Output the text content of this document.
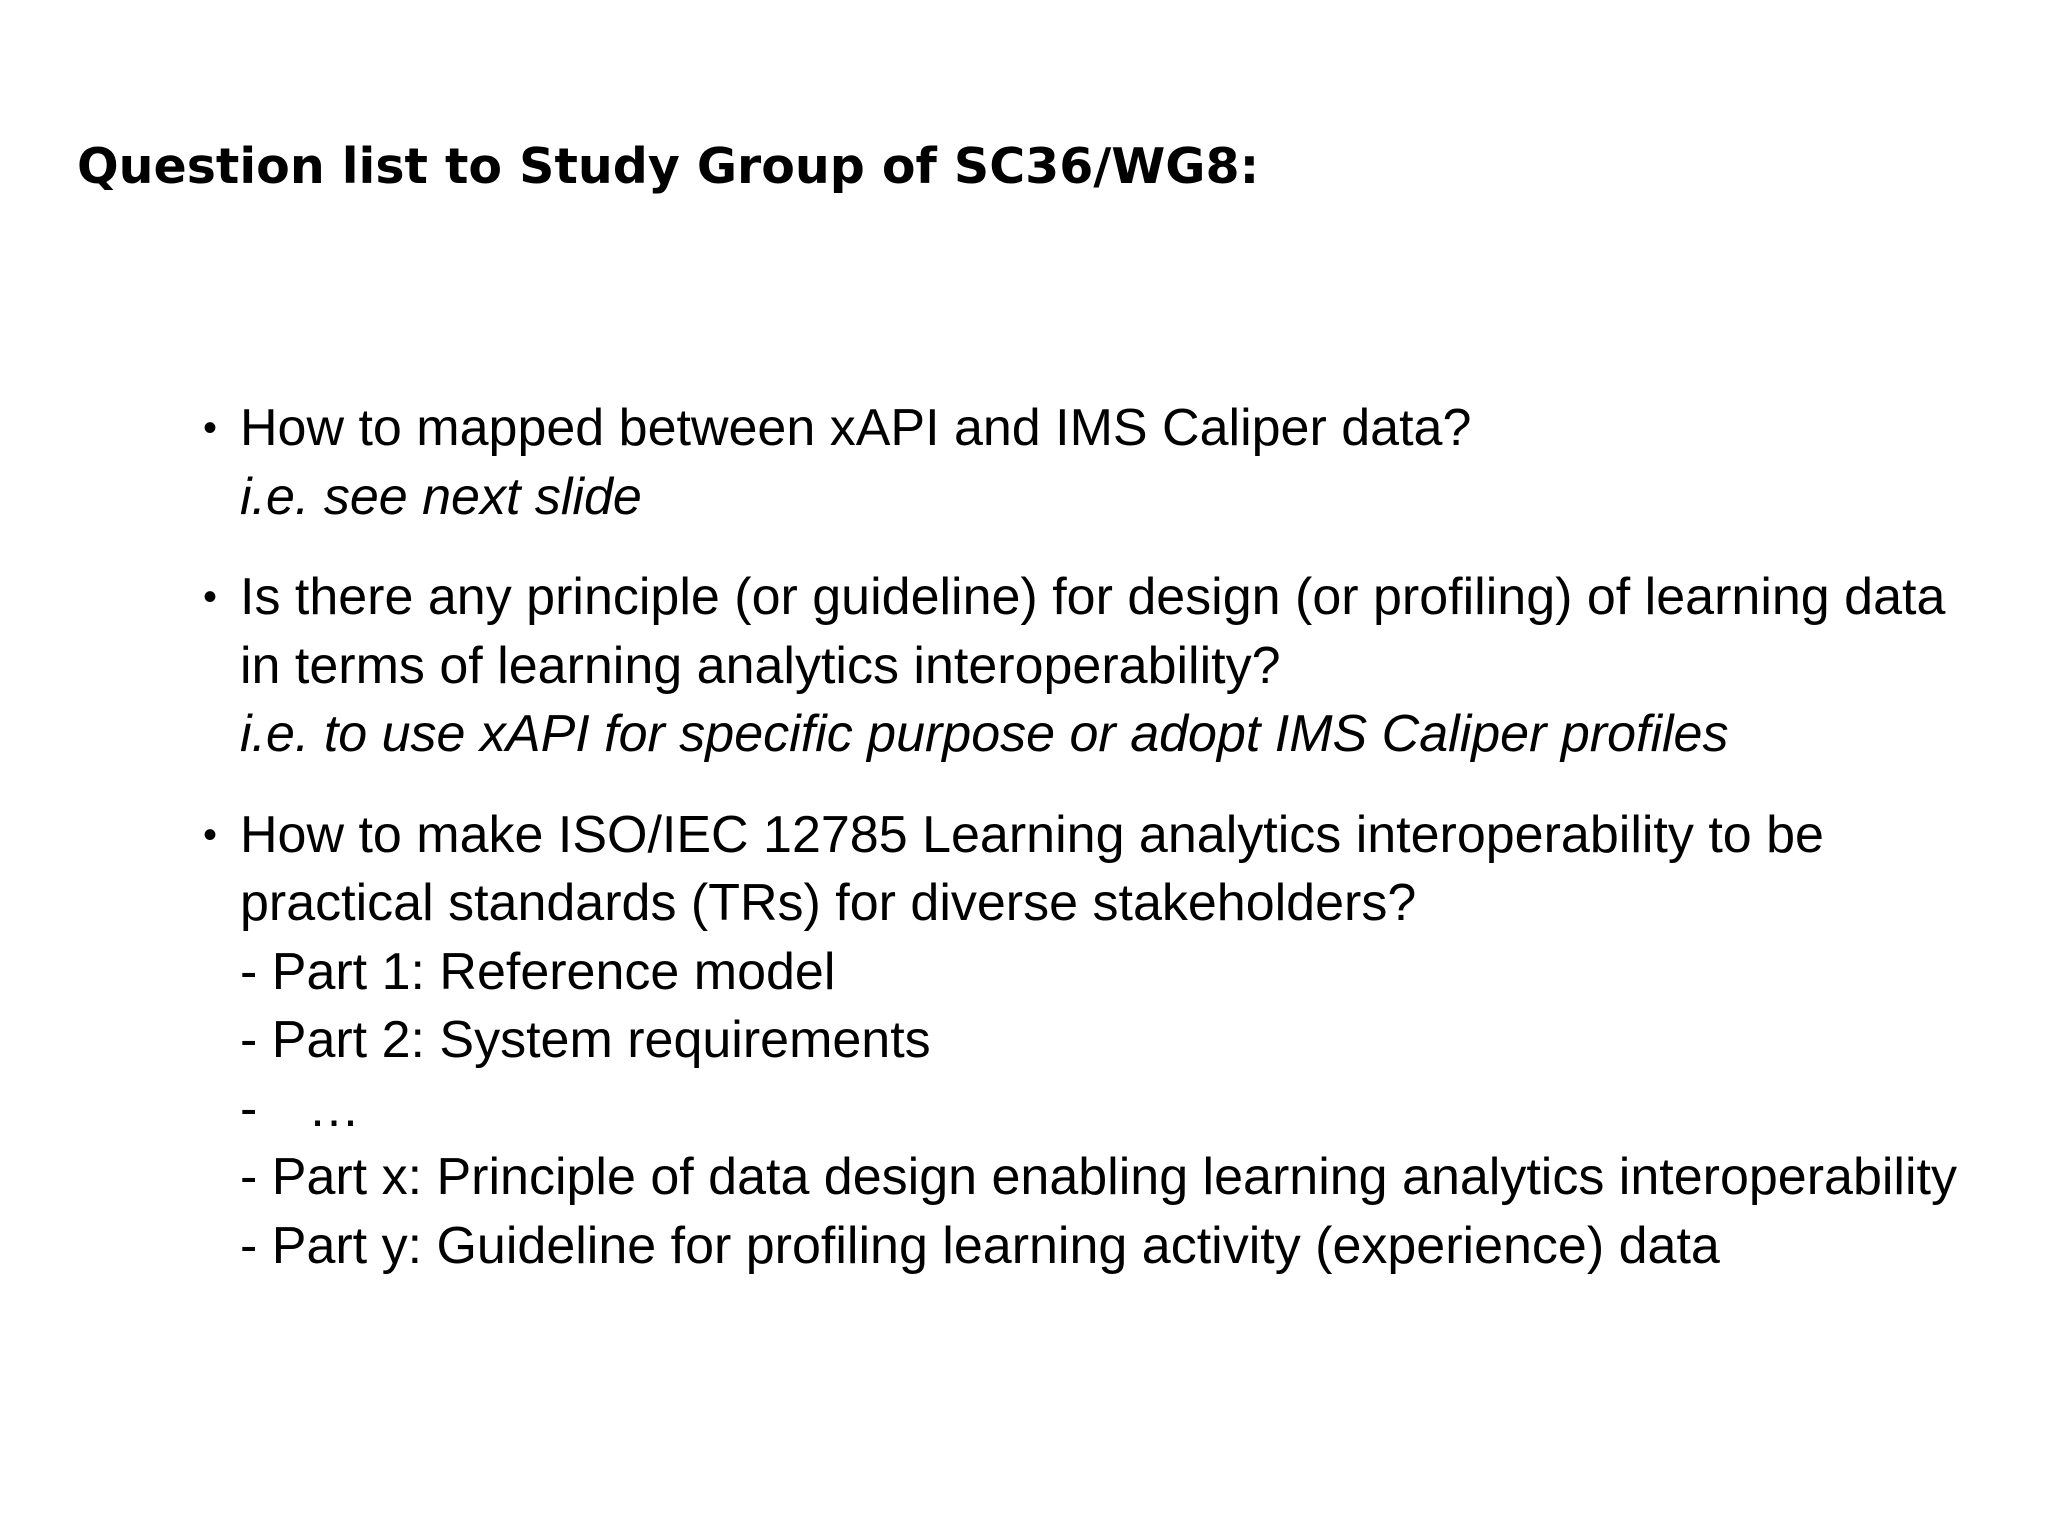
Question list to Study Group of SC36/WG8:
• How to mapped between xAPI and IMS Caliper data?
i.e. see next slide
• Is there any principle (or guideline) for design (or profiling) of learning data
in terms of learning analytics interoperability?
i.e. to use xAPI for specific purpose or adopt IMS Caliper profiles
• How to make ISO/IEC 12785 Learning analytics interoperability to be
practical standards (TRs) for diverse stakeholders?
- Part 1: Reference model
- Part 2: System requirements
- …
- Part x: Principle of data design enabling learning analytics interoperability
- Part y: Guideline for profiling learning activity (experience) data
